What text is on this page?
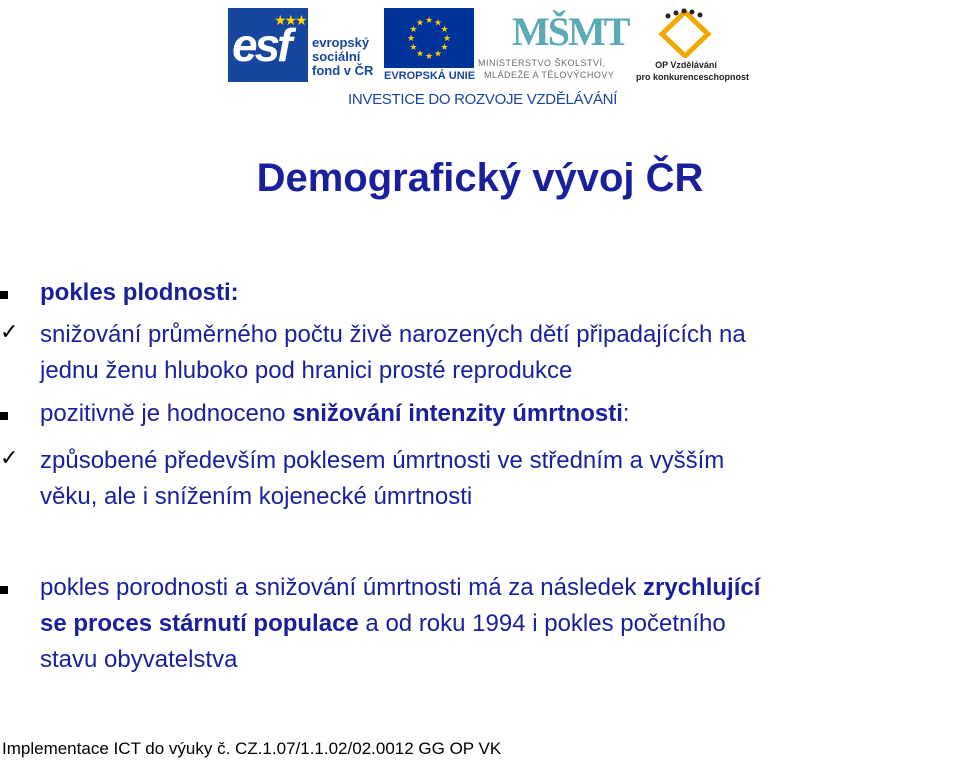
★★★
esf evropský
sociální
fond v ČR
★ ★
★
★
★
★
★
★
★
★
★
★
EVROPSKÁ UNIE
MŠMT
MINISTERSTVO ŠKOLSTVÍ,
MLÁDEŽE A TĚLOVÝCHOVY
OP Vzdělávání
pro konkurenceschopnost
INVESTICE DO ROZVOJE VZDĚLÁVÁNÍ
Demografický vývoj ČR
pokles plodnosti:
✓ snižování průměrného počtu živě narozených dětí připadajících na
jednu ženu hluboko pod hranici prosté reprodukce
pozitivně je hodnoceno snižování intenzity úmrtnosti:
✓ způsobené především poklesem úmrtnosti ve středním a vyšším
věku, ale i snížením kojenecké úmrtnosti
pokles porodnosti a snižování úmrtnosti má za následek zrychlující
se proces stárnutí populace a od roku 1994 i pokles početního
stavu obyvatelstva
Implementace ICT do výuky č. CZ.1.07/1.1.02/02.0012 GG OP VK
